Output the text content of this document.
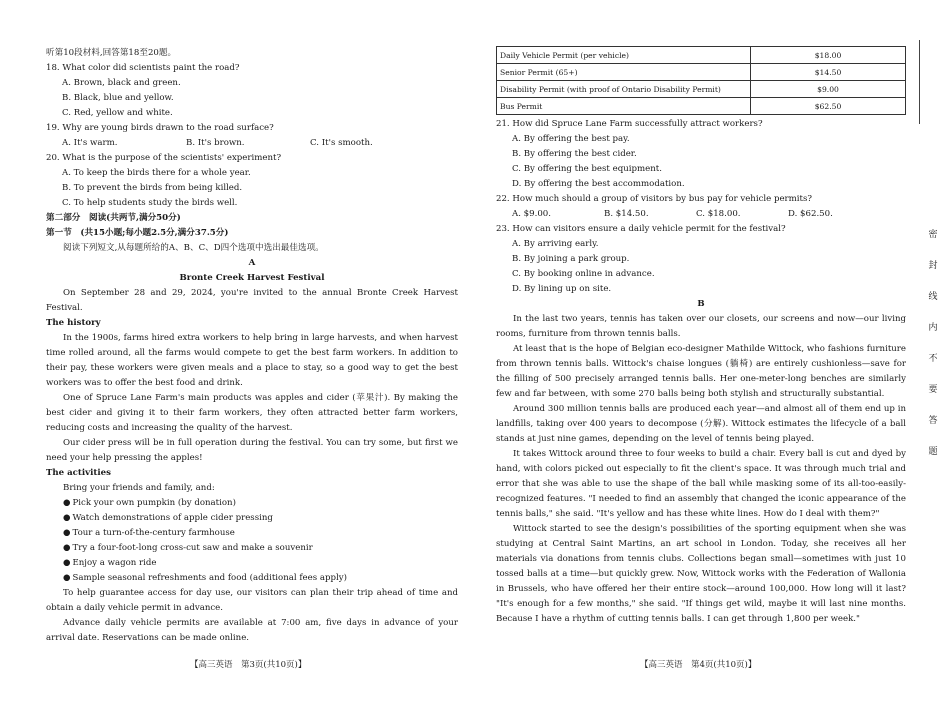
听第10段材料,回答第18至20题。
18. What color did scientists paint the road?
A. Brown, black and green.
B. Black, blue and yellow.
C. Red, yellow and white.
19. Why are young birds drawn to the road surface?
A. It's warm.	B. It's brown.	C. It's smooth.
20. What is the purpose of the scientists' experiment?
A. To keep the birds there for a whole year.
B. To prevent the birds from being killed.
C. To help students study the birds well.
第二部分　阅读(共两节,满分50分)
第一节　(共15小题;每小题2.5分,满分37.5分)
阅读下列短文,从每题所给的A、B、C、D四个选项中选出最佳选项。
A
Bronte Creek Harvest Festival
On September 28 and 29, 2024, you're invited to the annual Bronte Creek Harvest Festival.
The history
In the 1900s, farms hired extra workers to help bring in large harvests, and when harvest time rolled around, all the farms would compete to get the best farm workers. In addition to their pay, these workers were given meals and a place to stay, so a good way to get the best workers was to offer the best food and drink.
One of Spruce Lane Farm's main products was apples and cider (苹果汁). By making the best cider and giving it to their farm workers, they often attracted better farm workers, reducing costs and increasing the quality of the harvest.
Our cider press will be in full operation during the festival. You can try some, but first we need your help pressing the apples!
The activities
Bring your friends and family, and:
● Pick your own pumpkin (by donation)
● Watch demonstrations of apple cider pressing
● Tour a turn-of-the-century farmhouse
● Try a four-foot-long cross-cut saw and make a souvenir
● Enjoy a wagon ride
● Sample seasonal refreshments and food (additional fees apply)
To help guarantee access for day use, our visitors can plan their trip ahead of time and obtain a daily vehicle permit in advance.
Advance daily vehicle permits are available at 7:00 am, five days in advance of your arrival date. Reservations can be made online.
【高三英语　第3页(共10页)】
Daily Vehicle Permit (per vehicle)	$18.00
Senior Permit (65+)	$14.50
Disability Permit (with proof of Ontario Disability Permit)	$9.00
Bus Permit	$62.50
21. How did Spruce Lane Farm successfully attract workers?
A. By offering the best pay.
B. By offering the best cider.
C. By offering the best equipment.
D. By offering the best accommodation.
22. How much should a group of visitors by bus pay for vehicle permits?
A. $9.00.	B. $14.50.	C. $18.00.	D. $62.50.
23. How can visitors ensure a daily vehicle permit for the festival?
A. By arriving early.
B. By joining a park group.
C. By booking online in advance.
D. By lining up on site.
B
In the last two years, tennis has taken over our closets, our screens and now—our living rooms, furniture from thrown tennis balls.
At least that is the hope of Belgian eco-designer Mathilde Wittock, who fashions furniture from thrown tennis balls. Wittock's chaise longues (躺椅) are entirely cushionless—save for the filling of 500 precisely arranged tennis balls. Her one-meter-long benches are similarly few and far between, with some 270 balls being both stylish and structurally substantial.
Around 300 million tennis balls are produced each year—and almost all of them end up in landfills, taking over 400 years to decompose (分解). Wittock estimates the lifecycle of a ball stands at just nine games, depending on the level of tennis being played.
It takes Wittock around three to four weeks to build a chair. Every ball is cut and dyed by hand, with colors picked out especially to fit the client's space. It was through much trial and error that she was able to use the shape of the ball while masking some of its all-too-easily-recognized features. "I needed to find an assembly that changed the iconic appearance of the tennis balls," she said. "It's yellow and has these white lines. How do I deal with them?"
Wittock started to see the design's possibilities of the sporting equipment when she was studying at Central Saint Martins, an art school in London. Today, she receives all her materials via donations from tennis clubs. Collections began small—sometimes with just 10 tossed balls at a time—but quickly grew. Now, Wittock works with the Federation of Wallonia in Brussels, who have offered her their entire stock—around 100,000. How long will it last? "It's enough for a few months," she said. "If things get wild, maybe it will last nine months. Because I have a rhythm of cutting tennis balls. I can get through 1,800 per week."
【高三英语　第4页(共10页)】
密
封
线
内
不
要
答
题
